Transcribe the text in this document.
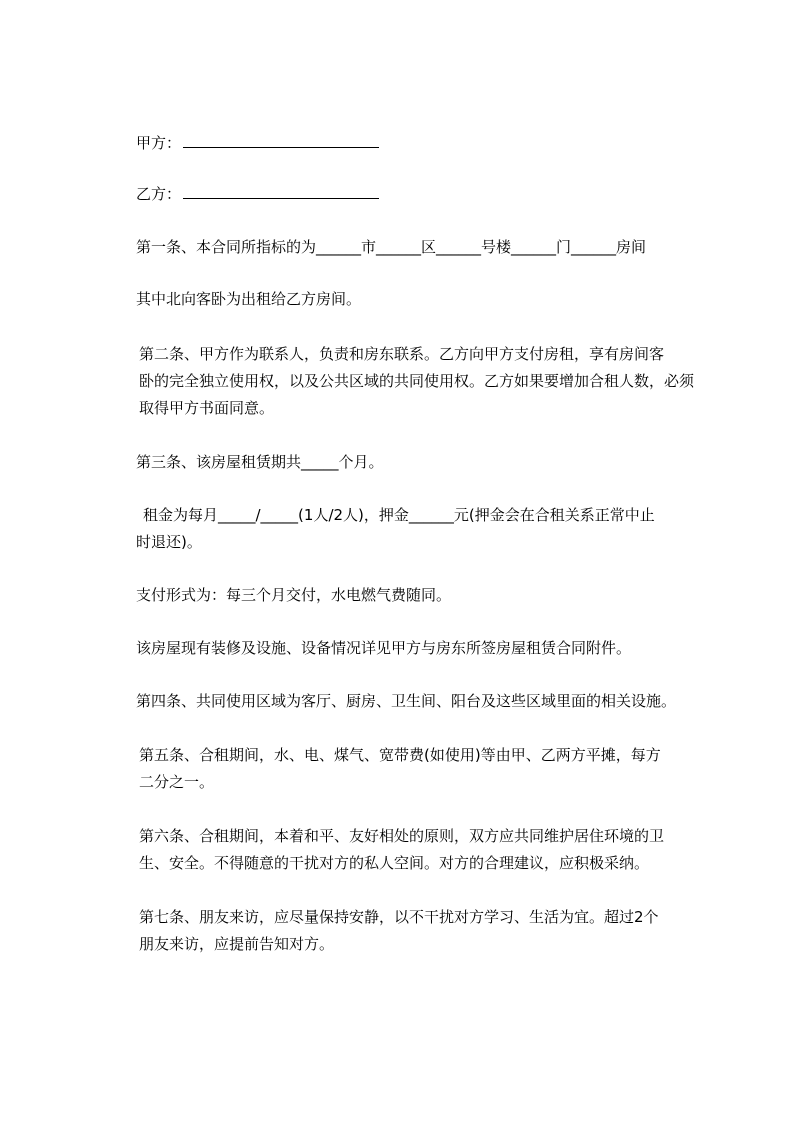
甲方：
乙方：

第一条、本合同所指标的为______市______区______号楼______门______房间

其中北向客卧为出租给乙方房间。

第二条、甲方作为联系人，负责和房东联系。乙方向甲方支付房租，享有房间客

卧的完全独立使用权，以及公共区域的共同使用权。乙方如果要增加合租人数，必须

取得甲方书面同意。

第三条、该房屋租赁期共_____个月。

租金为每月_____/_____(1人/2人)，押金______元(押金会在合租关系正常中止

时退还)。

支付形式为：每三个月交付，水电燃气费随同。

该房屋现有装修及设施、设备情况详见甲方与房东所签房屋租赁合同附件。

第四条、共同使用区域为客厅、厨房、卫生间、阳台及这些区域里面的相关设施。

第五条、合租期间，水、电、煤气、宽带费(如使用)等由甲、乙两方平摊，每方

二分之一。

第六条、合租期间，本着和平、友好相处的原则，双方应共同维护居住环境的卫

生、安全。不得随意的干扰对方的私人空间。对方的合理建议，应积极采纳。

第七条、朋友来访，应尽量保持安静，以不干扰对方学习、生活为宜。超过2个

朋友来访，应提前告知对方。
